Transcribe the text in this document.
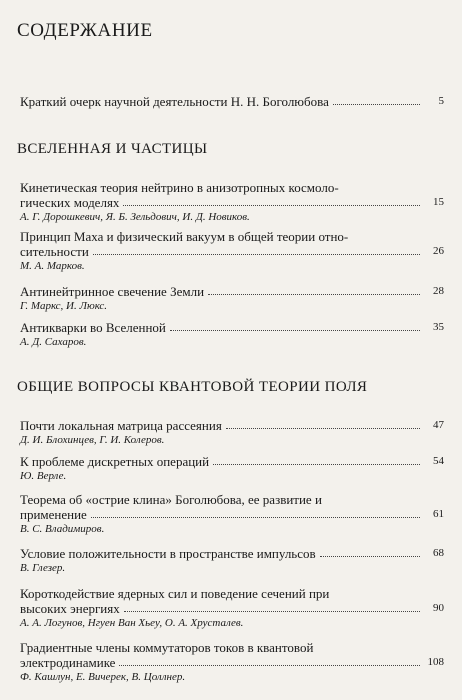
СОДЕРЖАНИЕ
Краткий очерк научной деятельности Н. Н. Боголюбова	5
ВСЕЛЕННАЯ И ЧАСТИЦЫ
Кинетическая теория нейтрино в анизотропных космоло-
гических моделях	15
А. Г. Дорошкевич, Я. Б. Зельдович, И. Д. Новиков.
Принцип Маха и физический вакуум в общей теории отно-
сительности	26
М. А. Марков.
Антинейтринное свечение Земли	28
Г. Маркс, И. Люкс.
Антикварки во Вселенной	35
А. Д. Сахаров.
ОБЩИЕ ВОПРОСЫ КВАНТОВОЙ ТЕОРИИ ПОЛЯ
Почти локальная матрица рассеяния	47
Д. И. Блохинцев, Г. И. Колеров.
К проблеме дискретных операций	54
Ю. Верле.
Теорема об «острие клина» Боголюбова, ее развитие и
применение	61
В. С. Владимиров.
Условие положительности в пространстве импульсов	68
В. Глезер.
Короткодействие ядерных сил и поведение сечений при
высоких энергиях	90
А. А. Логунов, Нгуен Ван Хьеу, О. А. Хрусталев.
Градиентные члены коммутаторов токов в квантовой
электродинамике	108
Ф. Кашлун, Е. Вичерек, В. Цоллнер.
